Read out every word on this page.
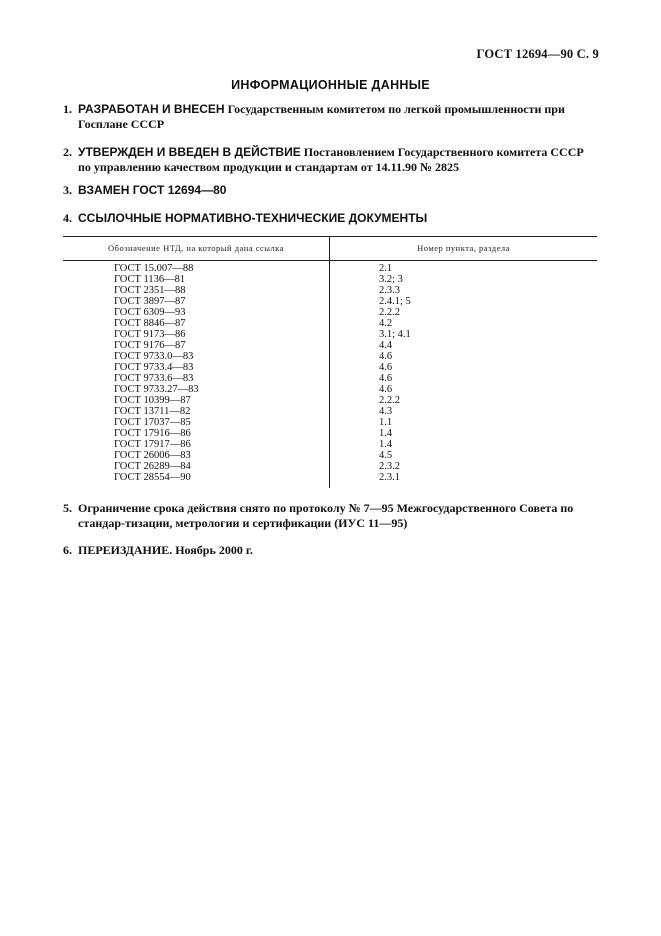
ГОСТ 12694—90 С. 9
ИНФОРМАЦИОННЫЕ ДАННЫЕ
1. РАЗРАБОТАН И ВНЕСЕН Государственным комитетом по легкой промышленности при Госплане СССР
2. УТВЕРЖДЕН И ВВЕДЕН В ДЕЙСТВИЕ Постановлением Государственного комитета СССР по управлению качеством продукции и стандартам от 14.11.90 № 2825
3. ВЗАМЕН ГОСТ 12694—80
4. ССЫЛОЧНЫЕ НОРМАТИВНО-ТЕХНИЧЕСКИЕ ДОКУМЕНТЫ
Обозначение НТД, на который дана ссылка	Номер пункта, раздела
ГОСТ 15.007—88	2.1
ГОСТ 1136—81	3.2; 3
ГОСТ 2351—88	2.3.3
ГОСТ 3897—87	2.4.1; 5
ГОСТ 6309—93	2.2.2
ГОСТ 8846—87	4.2
ГОСТ 9173—86	3.1; 4.1
ГОСТ 9176—87	4.4
ГОСТ 9733.0—83	4.6
ГОСТ 9733.4—83	4.6
ГОСТ 9733.6—83	4.6
ГОСТ 9733.27—83	4.6
ГОСТ 10399—87	2.2.2
ГОСТ 13711—82	4.3
ГОСТ 17037—85	1.1
ГОСТ 17916—86	1.4
ГОСТ 17917—86	1.4
ГОСТ 26006—83	4.5
ГОСТ 26289—84	2.3.2
ГОСТ 28554—90	2.3.1
5. Ограничение срока действия снято по протоколу № 7—95 Межгосударственного Совета по стандар-тизации, метрологии и сертификации (ИУС 11—95)
6. ПЕРЕИЗДАНИЕ. Ноябрь 2000 г.
